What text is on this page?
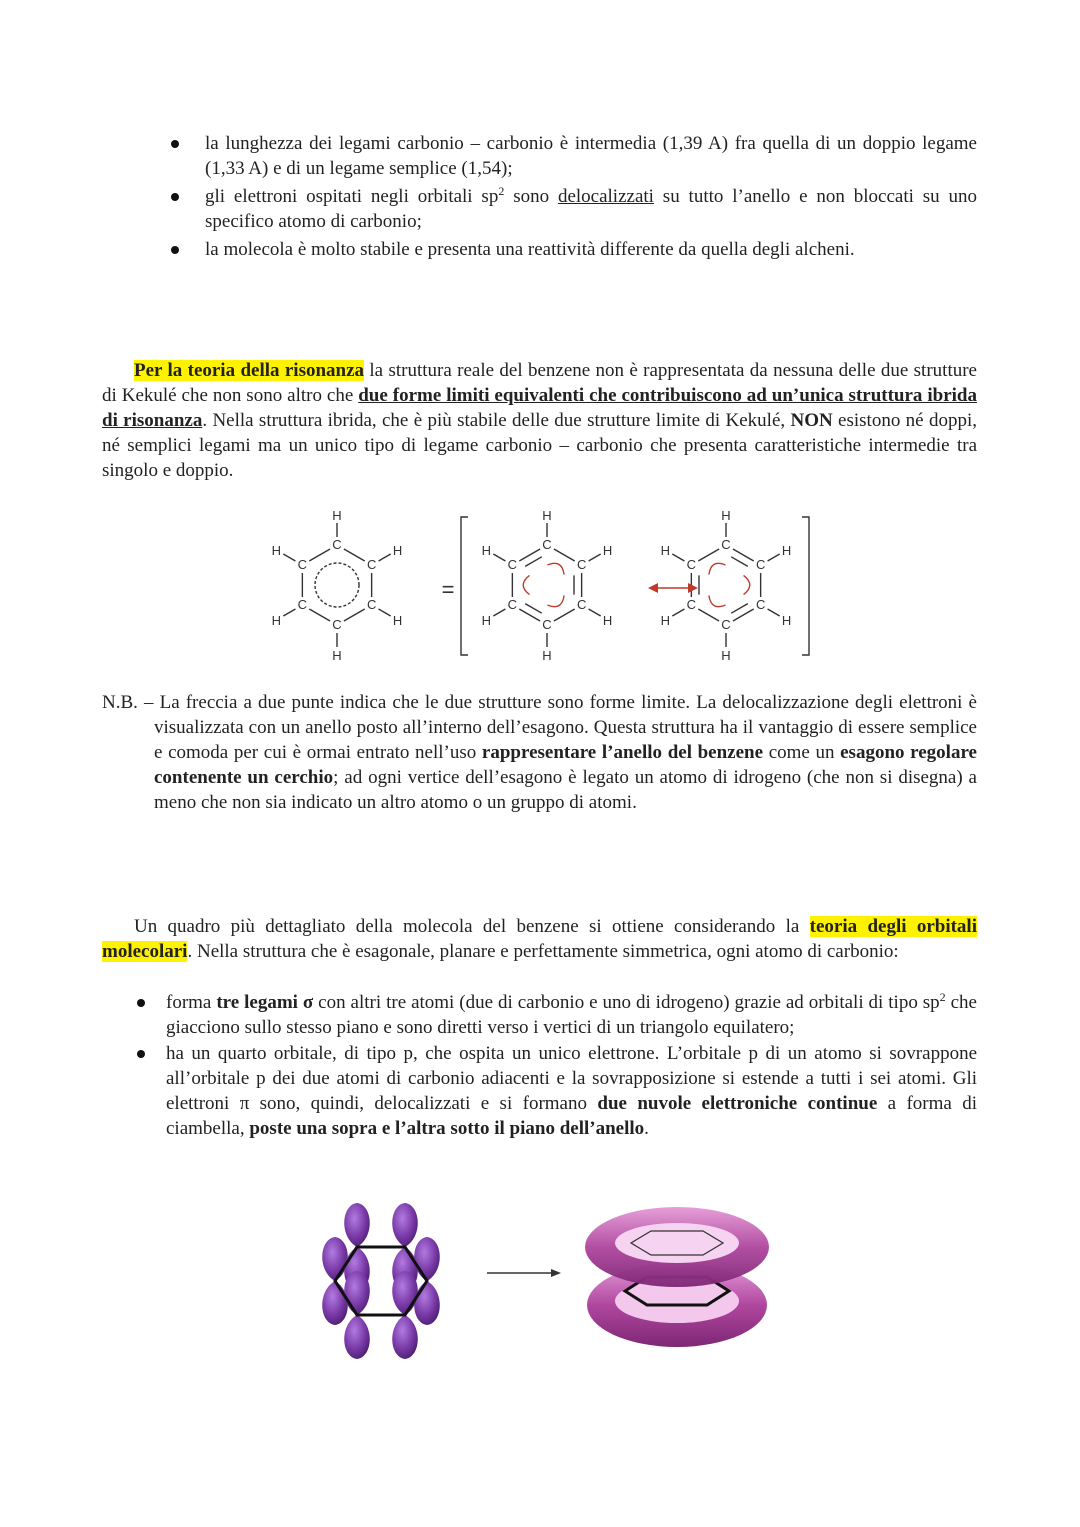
la lunghezza dei legami carbonio – carbonio è intermedia (1,39 A) fra quella di un doppio legame (1,33 A) e di un legame semplice (1,54);
gli elettroni ospitati negli orbitali $sp^2$ sono delocalizzati su tutto l’anello e non bloccati su uno specifico atomo di carbonio;
la molecola è molto stabile e presenta una reattività differente da quella degli alcheni.

Per la teoria della risonanza la struttura reale del benzene non è rappresentata da nessuna delle due strutture di Kekulé che non sono altro che due forme limiti equivalenti che contribuiscono ad un’unica struttura ibrida di risonanza. Nella struttura ibrida, che è più stabile delle due strutture limite di Kekulé, NON esistono né doppi, né semplici legami ma un unico tipo di legame carbonio – carbonio che presenta caratteristiche intermedie tra singolo e doppio.

C
H
C
H
C
H
C
H
C
H
C
H	C
H
C
H
C
H
C
H
C
H
C
H	C
H
C
H
C
H
C
H
C
H
C
H
=

N.B. – La freccia a due punte indica che le due strutture sono forme limite. La delocalizzazione degli elettroni è visualizzata con un anello posto all’interno dell’esagono. Questa struttura ha il vantaggio di essere semplice e comoda per cui è ormai entrato nell’uso rappresentare l’anello del benzene come un esagono regolare contenente un cerchio; ad ogni vertice dell’esagono è legato un atomo di idrogeno (che non si disegna) a meno che non sia indicato un altro atomo o un gruppo di atomi.

Un quadro più dettagliato della molecola del benzene si ottiene considerando la teoria degli orbitali molecolari. Nella struttura che è esagonale, planare e perfettamente simmetrica, ogni atomo di carbonio:

forma tre legami σ con altri tre atomi (due di carbonio e uno di idrogeno) grazie ad orbitali di tipo $sp^2$ che giacciono sullo stesso piano e sono diretti verso i vertici di un triangolo equilatero;
ha un quarto orbitale, di tipo p, che ospita un unico elettrone. L’orbitale p di un atomo si sovrappone all’orbitale p dei due atomi di carbonio adiacenti e la sovrapposizione si estende a tutti i sei atomi. Gli elettroni π sono, quindi, delocalizzati e si formano due nuvole elettroniche continue a forma di ciambella, poste una sopra e l’altra sotto il piano dell’anello.
